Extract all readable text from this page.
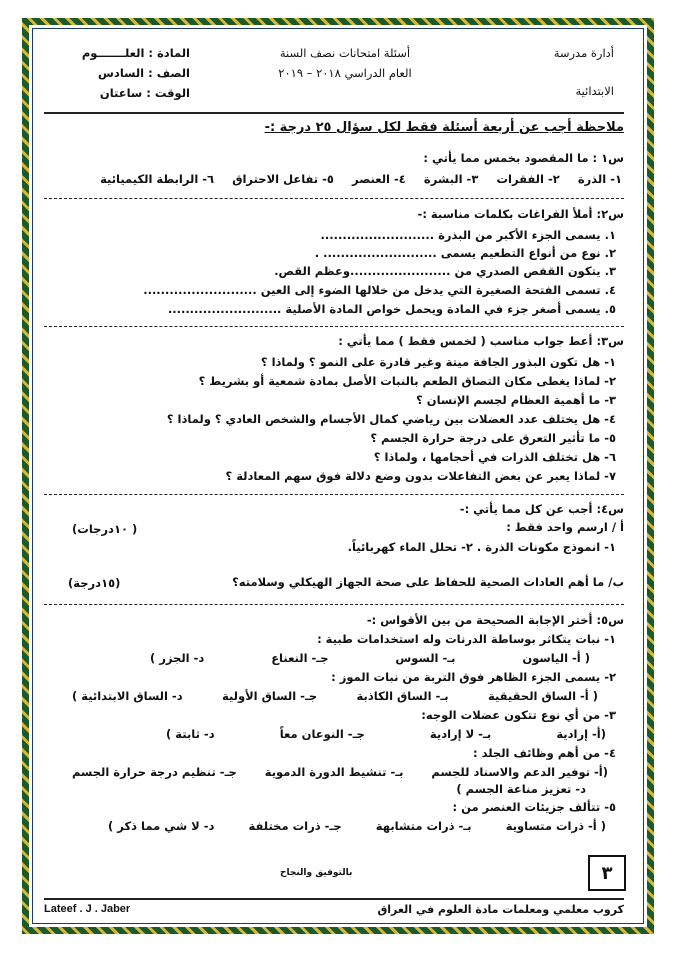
أدارة مدرسة
الابتدائية
أسئلة امتحانات نصف السنة
العام الدراسي ٢٠١٨ – ٢٠١٩
المادة : العلـــــــوم
الصف : السادس
الوقت : ساعتان
ملاحظة أجب عن أربعة أسئلة فقط لكل سؤال ٢٥ درجة :-
س١ : ما المقصود بخمس مما يأتي :
١- الذرة
٢- الفقرات
٣- البشرة
٤- العنصر
٥- تفاعل الاحتراق
٦- الرابطة الكيميائية
س٢: أملأ الفراغات بكلمات مناسبة :-
١. يسمى الجزء الأكبر من البذرة ..........................
٢. نوع من أنواع التطعيم يسمى .......................... .
٣. يتكون القفص الصدري من .......................وعظم القص.
٤. تسمى الفتحة الصغيرة التي يدخل من خلالها الضوء إلى العين ..........................
٥. يسمى أصغر جزء في المادة ويحمل خواص المادة الأصلية ..........................
س٣: أعط جواب مناسب ( لخمس فقط ) مما يأتي :
١- هل تكون البذور الجافة ميتة وغير قادرة على النمو ؟ ولماذا ؟
٢- لماذا يغطى مكان التصاق الطعم بالنبات الأصل بمادة شمعية أو بشريط ؟
٣- ما أهمية العظام لجسم الإنسان ؟
٤- هل يختلف عدد العضلات بين رياضي كمال الأجسام والشخص العادي ؟ ولماذا ؟
٥- ما تأثير التعرق على درجة حرارة الجسم ؟
٦- هل تختلف الذرات في أحجامها ، ولماذا ؟
٧- لماذا يعبر عن بعض التفاعلات بدون وضع دلالة فوق سهم المعادلة ؟
س٤: أجب عن كل مما يأتي :-
أ / ارسم واحد فقط :
(١٠درجات )
١- انموذج مكونات الذرة . ٢- تحلل الماء كهربائياً.
ب/ ما أهم العادات الصحية للحفاظ على صحة الجهاز الهيكلي وسلامته؟
(١٥درجة)
س٥: أختر الإجابة الصحيحة من بين الأقواس :-
١- نبات يتكاثر بوساطة الدرنات وله استخدامات طبية :
( أ- الياسون
بـ- السوس
جـ- النعناع
د- الجزر )
٢- يسمى الجزء الظاهر فوق التربة من نبات الموز :
( أ- الساق الحقيقية
بـ- الساق الكاذبة
جـ- الساق الأولية
د- الساق الابتدائية )
٣- من أي نوع تتكون عضلات الوجه:
(أ- إرادية
بـ- لا إرادية
جـ- النوعان معاً
د- ثابتة )
٤- من أهم وظائف الجلد :
(أ- توفير الدعم والاسناد للجسم
بـ- تنشيط الدورة الدموية
جـ- تنظيم درجة حرارة الجسم
د- تعزيز مناعة الجسم )
٥- تتألف جزيئات العنصر من :
( أ- ذرات متساوية
بـ- ذرات متشابهة
جـ- ذرات مختلفة
د- لا شي مما ذكر )
٣
بالتوفيق والنجاح
Lateef . J . Jaber	كروب معلمي ومعلمات مادة العلوم في العراق
